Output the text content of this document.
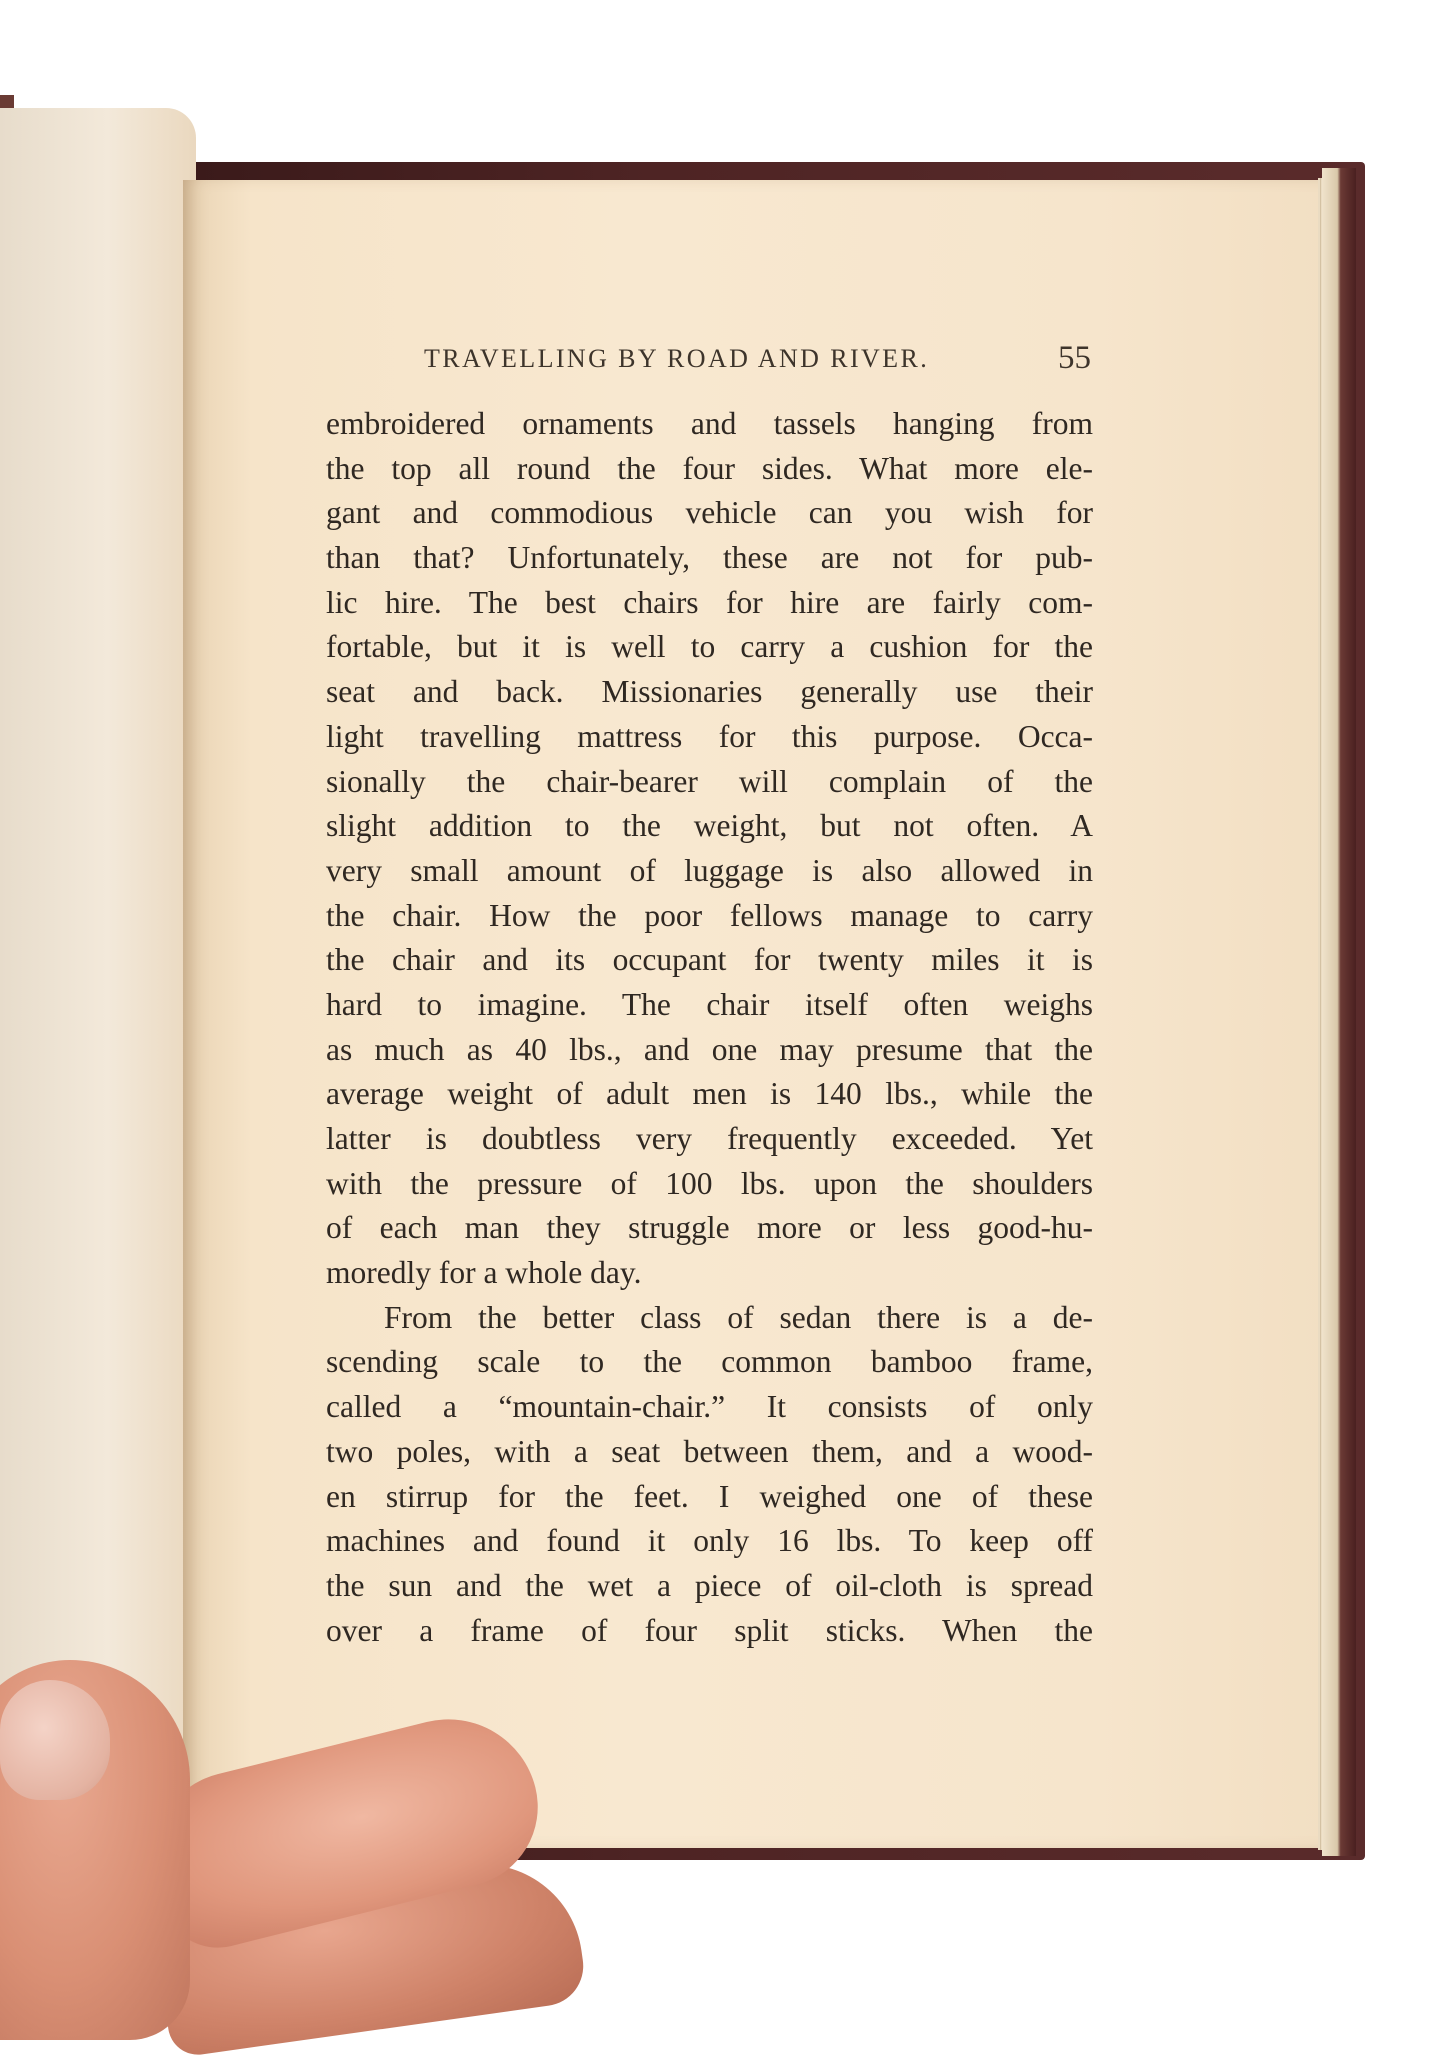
TRAVELLING BY ROAD AND RIVER.	55
embroidered ornaments and tassels hanging from
the top all round the four sides. What more ele-
gant and commodious vehicle can you wish for
than that? Unfortunately, these are not for pub-
lic hire. The best chairs for hire are fairly com-
fortable, but it is well to carry a cushion for the
seat and back. Missionaries generally use their
light travelling mattress for this purpose. Occa-
sionally the chair-bearer will complain of the
slight addition to the weight, but not often. A
very small amount of luggage is also allowed in
the chair. How the poor fellows manage to carry
the chair and its occupant for twenty miles it is
hard to imagine. The chair itself often weighs
as much as 40 lbs., and one may presume that the
average weight of adult men is 140 lbs., while the
latter is doubtless very frequently exceeded. Yet
with the pressure of 100 lbs. upon the shoulders
of each man they struggle more or less good-hu-
moredly for a whole day.
From the better class of sedan there is a de-
scending scale to the common bamboo frame,
called a “mountain-chair.” It consists of only
two poles, with a seat between them, and a wood-
en stirrup for the feet. I weighed one of these
machines and found it only 16 lbs. To keep off
the sun and the wet a piece of oil-cloth is spread
over a frame of four split sticks. When the
